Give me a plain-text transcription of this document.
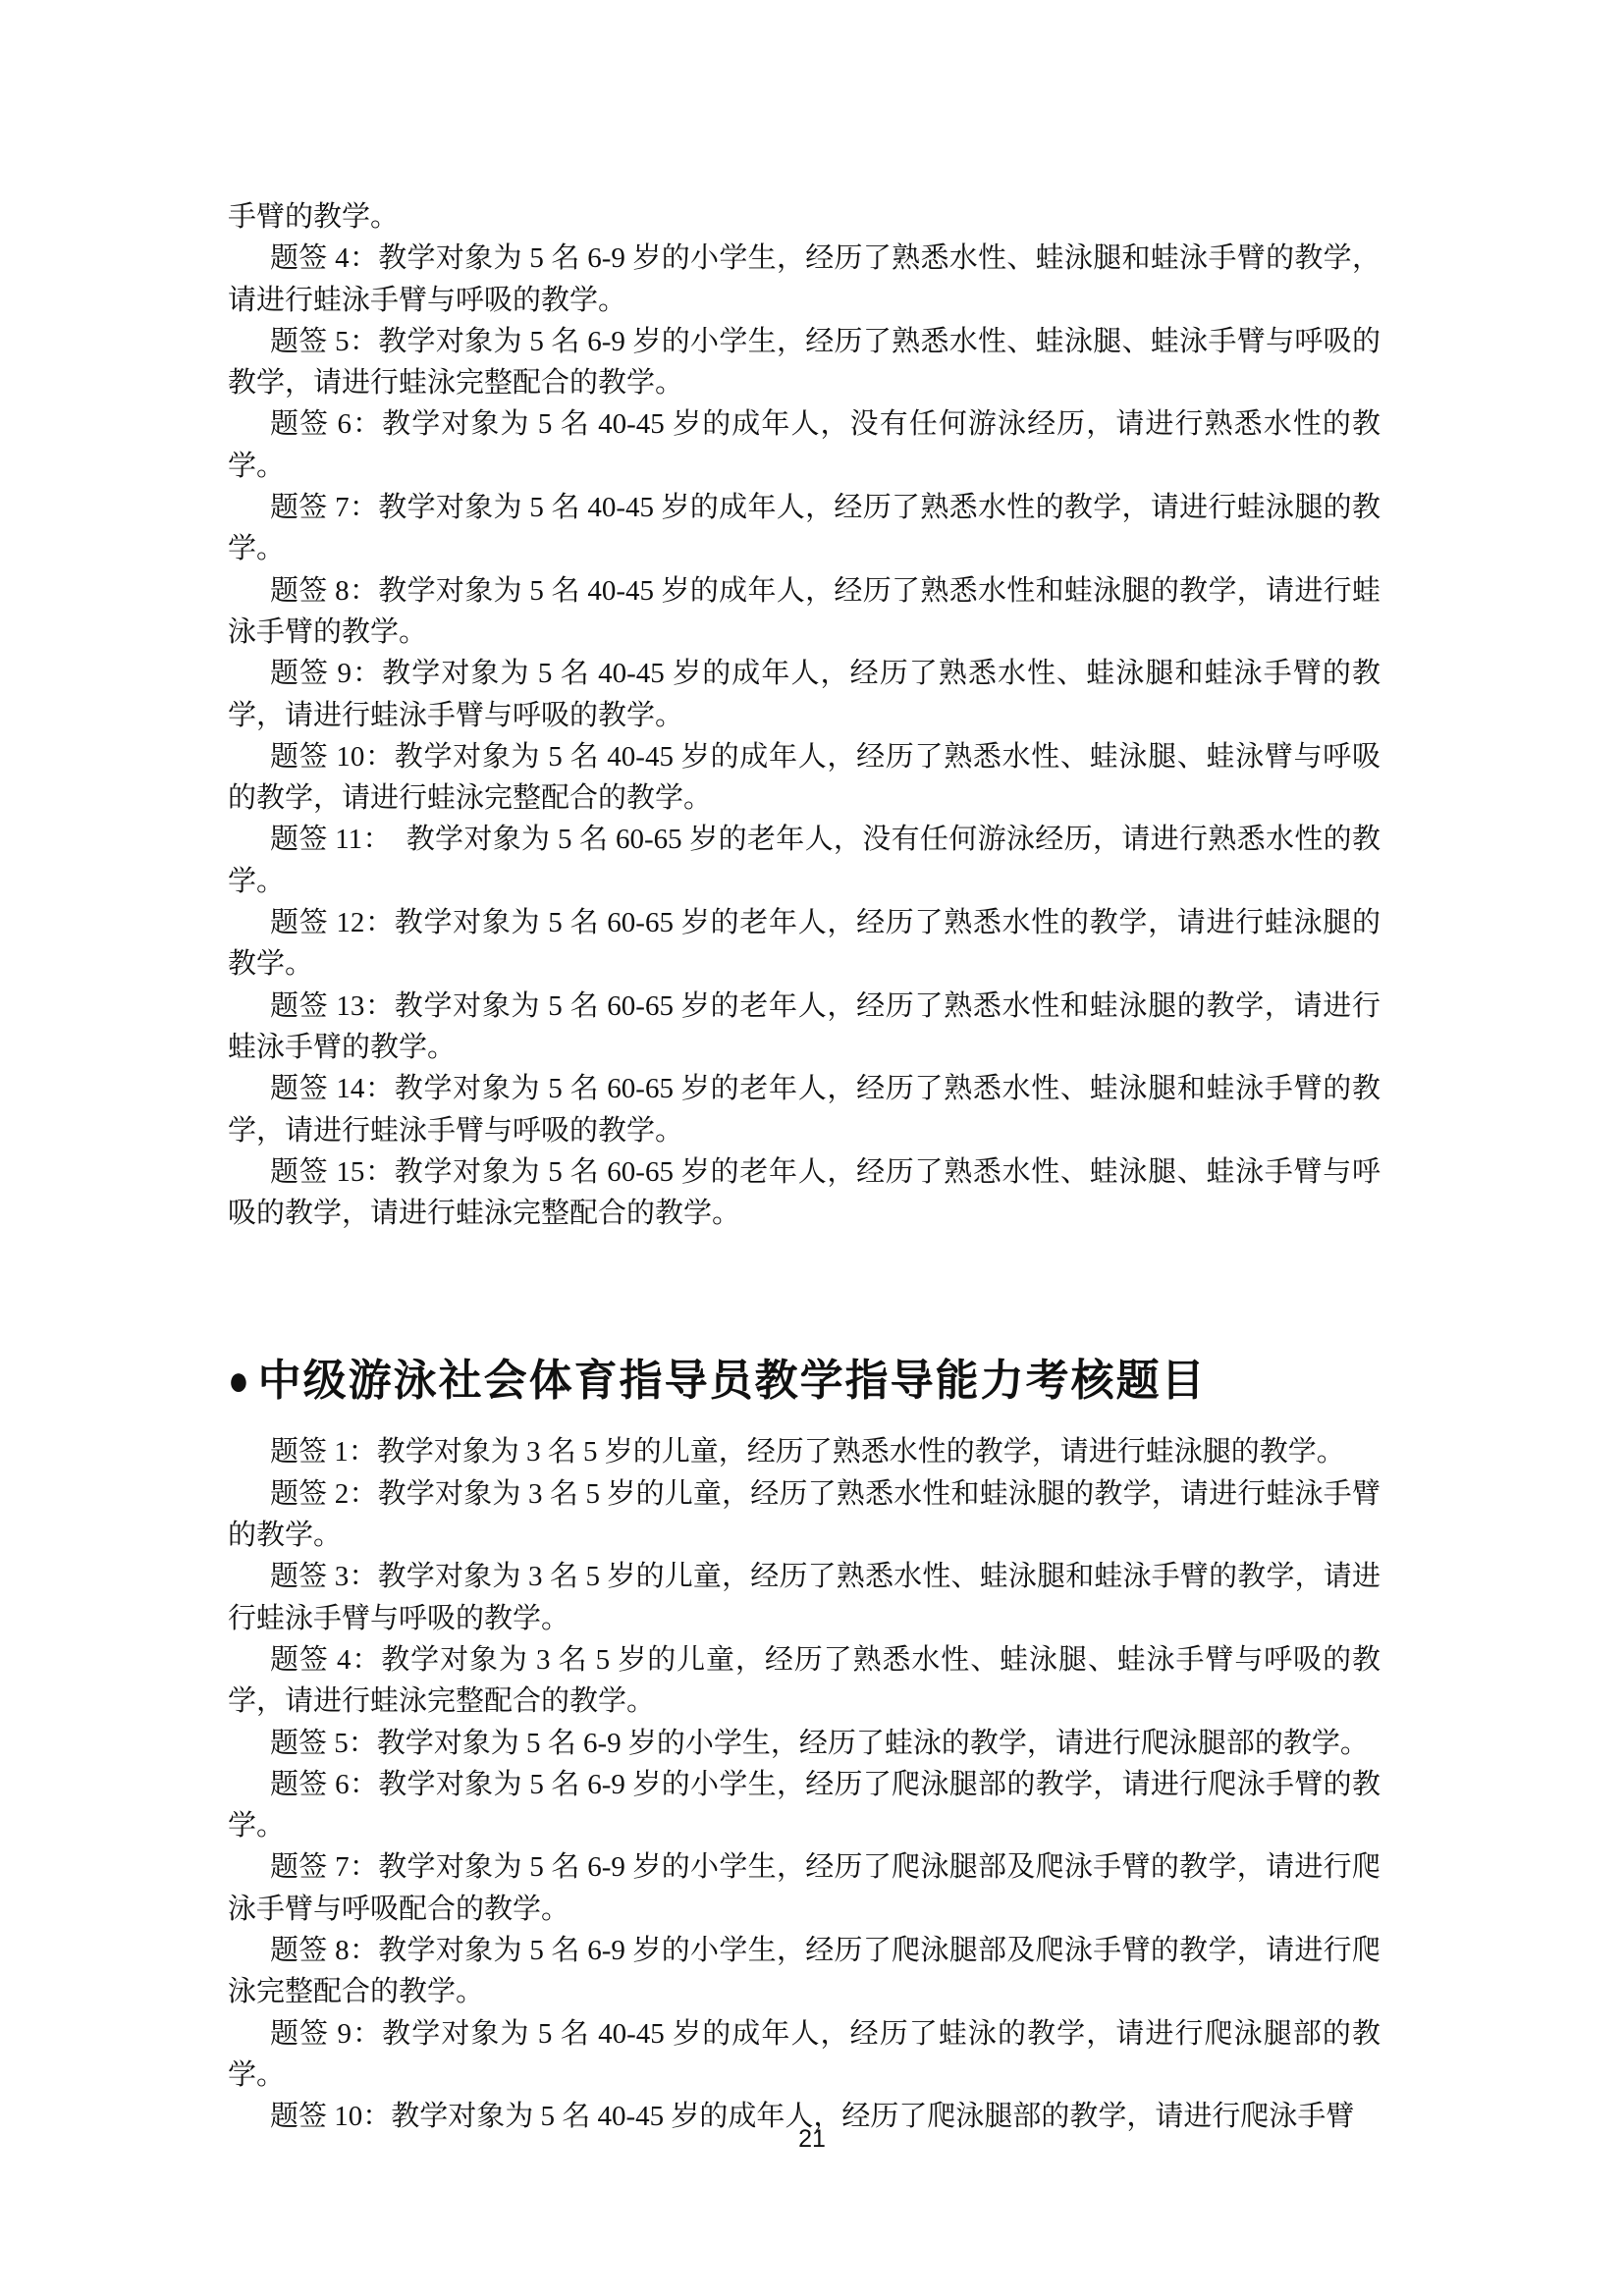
手臂的教学。

题签 4：教学对象为 5 名 6-9 岁的小学生，经历了熟悉水性、蛙泳腿和蛙泳手臂的教学，请进行蛙泳手臂与呼吸的教学。

题签 5：教学对象为 5 名 6-9 岁的小学生，经历了熟悉水性、蛙泳腿、蛙泳手臂与呼吸的教学，请进行蛙泳完整配合的教学。

题签 6：教学对象为 5 名 40-45 岁的成年人，没有任何游泳经历，请进行熟悉水性的教学。

题签 7：教学对象为 5 名 40-45 岁的成年人，经历了熟悉水性的教学，请进行蛙泳腿的教学。

题签 8：教学对象为 5 名 40-45 岁的成年人，经历了熟悉水性和蛙泳腿的教学，请进行蛙泳手臂的教学。

题签 9：教学对象为 5 名 40-45 岁的成年人，经历了熟悉水性、蛙泳腿和蛙泳手臂的教学，请进行蛙泳手臂与呼吸的教学。

题签 10：教学对象为 5 名 40-45 岁的成年人，经历了熟悉水性、蛙泳腿、蛙泳臂与呼吸的教学，请进行蛙泳完整配合的教学。

题签 11：　教学对象为 5 名 60-65 岁的老年人，没有任何游泳经历，请进行熟悉水性的教学。

题签 12：教学对象为 5 名 60-65 岁的老年人，经历了熟悉水性的教学，请进行蛙泳腿的教学。

题签 13：教学对象为 5 名 60-65 岁的老年人，经历了熟悉水性和蛙泳腿的教学，请进行蛙泳手臂的教学。

题签 14：教学对象为 5 名 60-65 岁的老年人，经历了熟悉水性、蛙泳腿和蛙泳手臂的教学，请进行蛙泳手臂与呼吸的教学。

题签 15：教学对象为 5 名 60-65 岁的老年人，经历了熟悉水性、蛙泳腿、蛙泳手臂与呼吸的教学，请进行蛙泳完整配合的教学。

● 中级游泳社会体育指导员教学指导能力考核题目

题签 1：教学对象为 3 名 5 岁的儿童，经历了熟悉水性的教学，请进行蛙泳腿的教学。

题签 2：教学对象为 3 名 5 岁的儿童，经历了熟悉水性和蛙泳腿的教学，请进行蛙泳手臂的教学。

题签 3：教学对象为 3 名 5 岁的儿童，经历了熟悉水性、蛙泳腿和蛙泳手臂的教学，请进行蛙泳手臂与呼吸的教学。

题签 4：教学对象为 3 名 5 岁的儿童，经历了熟悉水性、蛙泳腿、蛙泳手臂与呼吸的教学，请进行蛙泳完整配合的教学。

题签 5：教学对象为 5 名 6-9 岁的小学生，经历了蛙泳的教学，请进行爬泳腿部的教学。

题签 6：教学对象为 5 名 6-9 岁的小学生，经历了爬泳腿部的教学，请进行爬泳手臂的教学。

题签 7：教学对象为 5 名 6-9 岁的小学生，经历了爬泳腿部及爬泳手臂的教学，请进行爬泳手臂与呼吸配合的教学。

题签 8：教学对象为 5 名 6-9 岁的小学生，经历了爬泳腿部及爬泳手臂的教学，请进行爬泳完整配合的教学。

题签 9：教学对象为 5 名 40-45 岁的成年人，经历了蛙泳的教学，请进行爬泳腿部的教学。

题签 10：教学对象为 5 名 40-45 岁的成年人，经历了爬泳腿部的教学，请进行爬泳手臂

21
